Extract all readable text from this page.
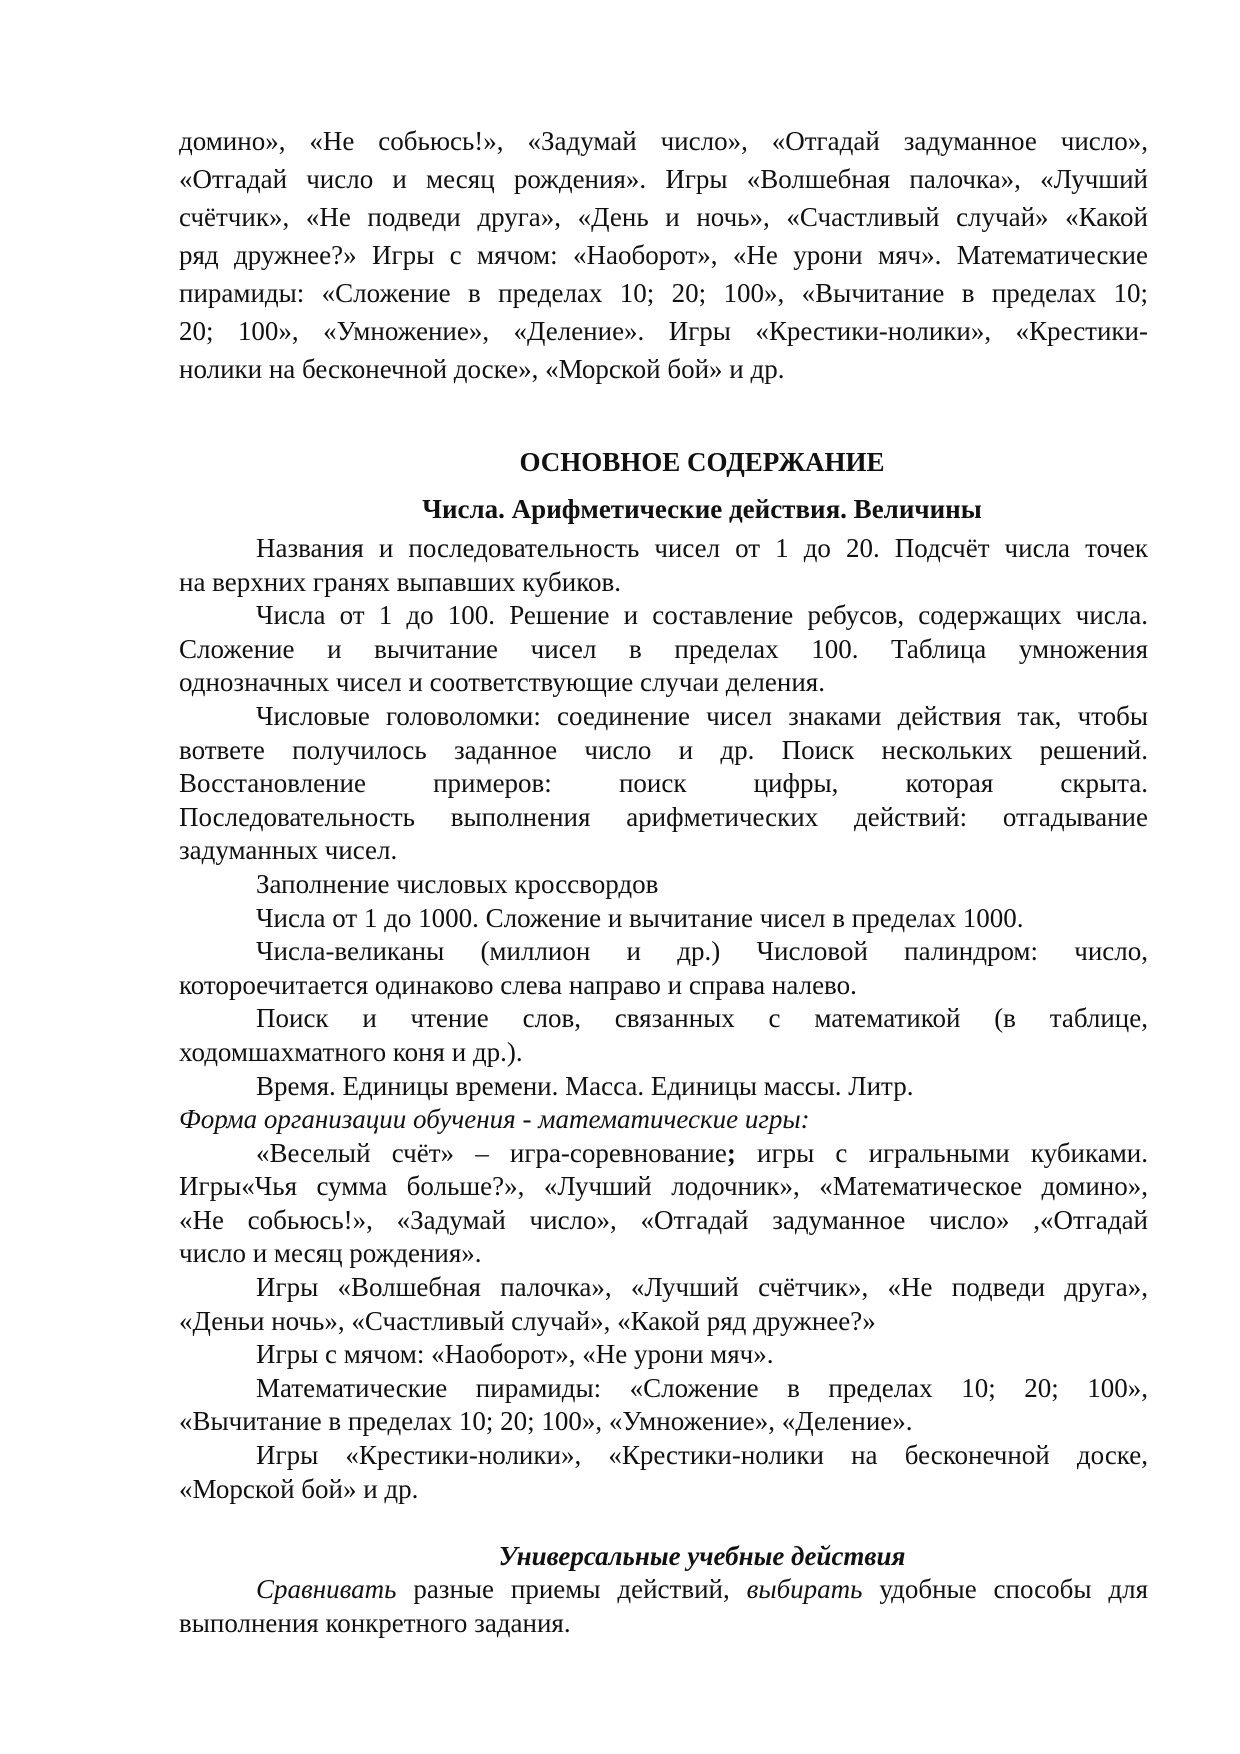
домино», «Не собьюсь!», «Задумай число», «Отгадай задуманное число»,
«Отгадай число и месяц рождения». Игры «Волшебная палочка», «Лучший
счётчик», «Не подведи друга», «День и ночь», «Счастливый случай» «Какой
ряд дружнее?» Игры с мячом: «Наоборот», «Не урони мяч». Математические
пирамиды: «Сложение в пределах 10; 20; 100», «Вычитание в пределах 10;
20; 100», «Умножение», «Деление». Игры «Крестики-нолики», «Крестики-
нолики на бесконечной доске», «Морской бой» и др.
ОСНОВНОЕ СОДЕРЖАНИЕ
Числа. Арифметические действия. Величины
Названия и последовательность чисел от 1 до 20. Подсчёт числа точек
на верхних гранях выпавших кубиков.
Числа от 1 до 100. Решение и составление ребусов, содержащих числа.
Сложение и вычитание чисел в пределах 100. Таблица умножения
однозначных чисел и соответствующие случаи деления.
Числовые головоломки: соединение чисел знаками действия так, чтобы
вответе получилось заданное число и др. Поиск нескольких решений.
Восстановление примеров: поиск цифры, которая скрыта.
Последовательность выполнения арифметических действий: отгадывание
задуманных чисел.
Заполнение числовых кроссвордов
Числа от 1 до 1000. Сложение и вычитание чисел в пределах 1000.
Числа-великаны (миллион и др.) Числовой палиндром: число,
котороечитается одинаково слева направо и справа налево.
Поиск и чтение слов, связанных с математикой (в таблице,
ходомшахматного коня и др.).
Время. Единицы времени. Масса. Единицы массы. Литр.
Форма организации обучения - математические игры:
«Веселый счёт» – игра-соревнование; игры с игральными кубиками.
Игры«Чья сумма больше?», «Лучший лодочник», «Математическое домино»,
«Не собьюсь!», «Задумай число», «Отгадай задуманное число» ,«Отгадай
число и месяц рождения».
Игры «Волшебная палочка», «Лучший счётчик», «Не подведи друга»,
«Деньи ночь», «Счастливый случай», «Какой ряд дружнее?»
Игры с мячом: «Наоборот», «Не урони мяч».
Математические пирамиды: «Сложение в пределах 10; 20; 100»,
«Вычитание в пределах 10; 20; 100», «Умножение», «Деление».
Игры «Крестики-нолики», «Крестики-нолики на бесконечной доске,
«Морской бой» и др.
Универсальные учебные действия
Сравнивать разные приемы действий, выбирать удобные способы для
выполнения конкретного задания.
